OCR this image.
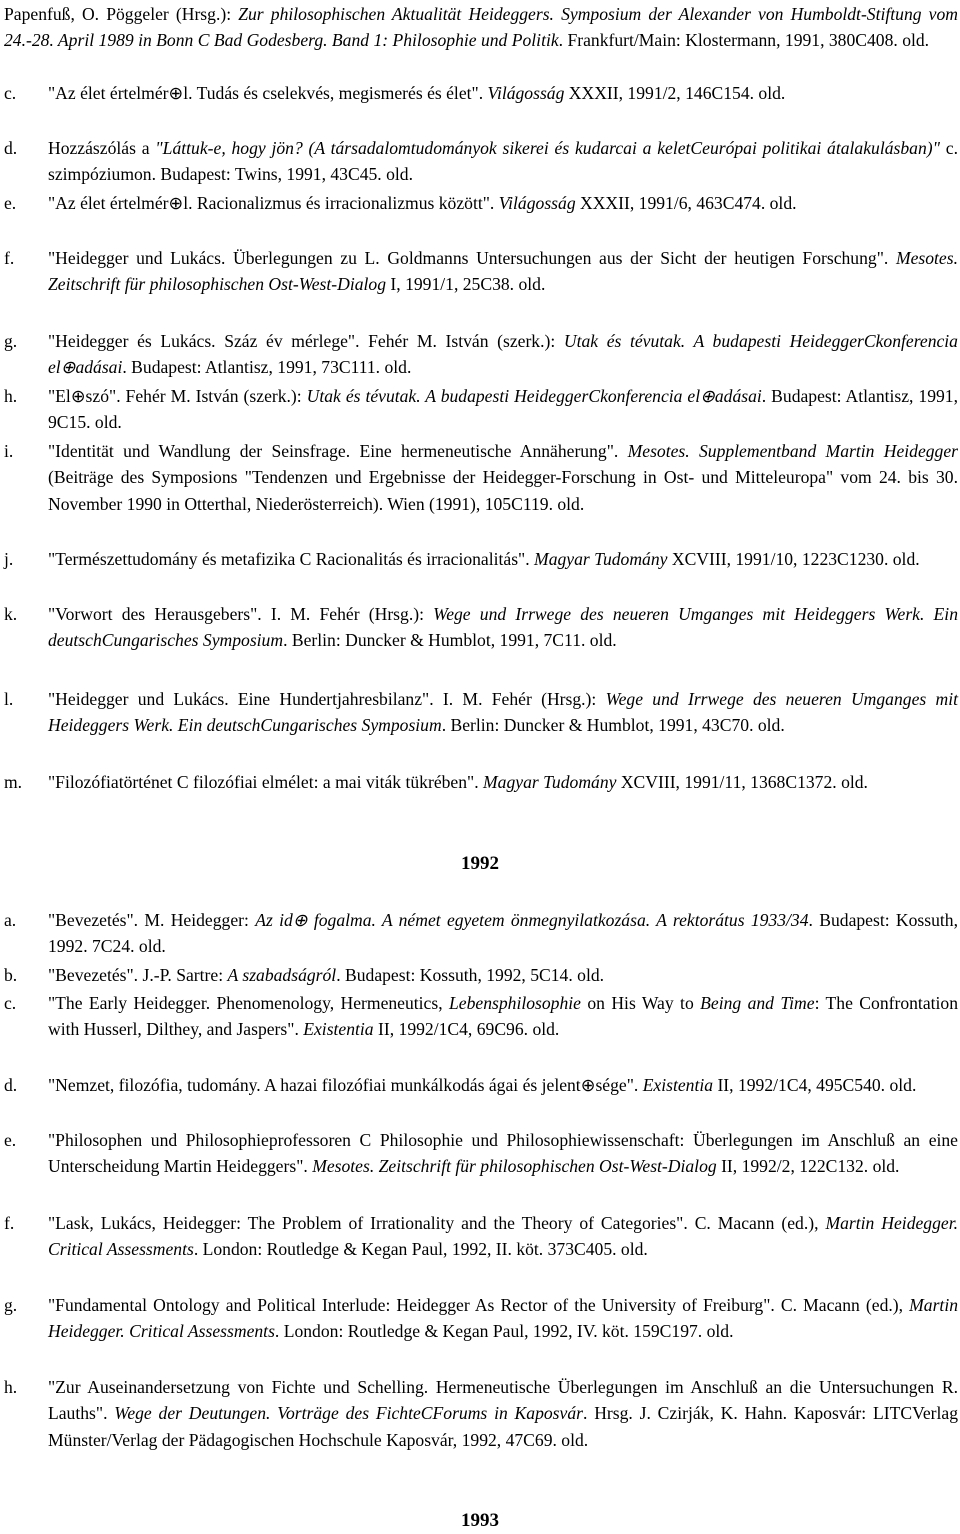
Papenfuß, O. Pöggeler (Hrsg.): Zur philosophischen Aktualität Heideggers. Symposium der Alexander von Humboldt-Stiftung vom 24.-28. April 1989 in Bonn C Bad Godesberg. Band 1: Philosophie und Politik. Frankfurt/Main: Klostermann, 1991, 380C408. old.
c. "Az élet értelmér⊕l. Tudás és cselekvés, megismerés és élet". Világosság XXXII, 1991/2, 146C154. old.
d. Hozzászólás a "Láttuk-e, hogy jön? (A társadalomtudományok sikerei és kudarcai a keletCeurópai politikai átalakulásban)" c. szimpóziumon. Budapest: Twins, 1991, 43C45. old.
e. "Az élet értelmér⊕l. Racionalizmus és irracionalizmus között". Világosság XXXII, 1991/6, 463C474. old.
f. "Heidegger und Lukács. Überlegungen zu L. Goldmanns Untersuchungen aus der Sicht der heutigen Forschung". Mesotes. Zeitschrift für philosophischen Ost-West-Dialog I, 1991/1, 25C38. old.
g. "Heidegger és Lukács. Száz év mérlege". Fehér M. István (szerk.): Utak és tévutak. A budapesti HeideggerCkonferencia el⊕adásai. Budapest: Atlantisz, 1991, 73C111. old.
h. "El⊕szó". Fehér M. István (szerk.): Utak és tévutak. A budapesti HeideggerCkonferencia el⊕adásai. Budapest: Atlantisz, 1991, 9C15. old.
i. "Identität und Wandlung der Seinsfrage. Eine hermeneutische Annäherung". Mesotes. Supplementband Martin Heidegger (Beiträge des Symposions "Tendenzen und Ergebnisse der Heidegger-Forschung in Ost- und Mitteleuropa" vom 24. bis 30. November 1990 in Otterthal, Niederösterreich). Wien (1991), 105C119. old.
j. "Természettudomány és metafizika C Racionalitás és irracionalitás". Magyar Tudomány XCVIII, 1991/10, 1223C1230. old.
k. "Vorwort des Herausgebers". I. M. Fehér (Hrsg.): Wege und Irrwege des neueren Umganges mit Heideggers Werk. Ein deutschCungarisches Symposium. Berlin: Duncker & Humblot, 1991, 7C11. old.
l. "Heidegger und Lukács. Eine Hundertjahresbilanz". I. M. Fehér (Hrsg.): Wege und Irrwege des neueren Umganges mit Heideggers Werk. Ein deutschCungarisches Symposium. Berlin: Duncker & Humblot, 1991, 43C70. old.
m. "Filozófiatörténet C filozófiai elmélet: a mai viták tükrében". Magyar Tudomány XCVIII, 1991/11, 1368C1372. old.
1992
a. "Bevezetés". M. Heidegger: Az id⊕ fogalma. A német egyetem önmegnyilatkozása. A rektorátus 1933/34. Budapest: Kossuth, 1992. 7C24. old.
b. "Bevezetés". J.-P. Sartre: A szabadságról. Budapest: Kossuth, 1992, 5C14. old.
c. "The Early Heidegger. Phenomenology, Hermeneutics, Lebensphilosophie on His Way to Being and Time: The Confrontation with Husserl, Dilthey, and Jaspers". Existentia II, 1992/1C4, 69C96. old.
d. "Nemzet, filozófia, tudomány. A hazai filozófiai munkálkodás ágai és jelent⊕sége". Existentia II, 1992/1C4, 495C540. old.
e. "Philosophen und Philosophieprofessoren C Philosophie und Philosophiewissenschaft: Überlegungen im Anschluß an eine Unterscheidung Martin Heideggers". Mesotes. Zeitschrift für philosophischen Ost-West-Dialog II, 1992/2, 122C132. old.
f. "Lask, Lukács, Heidegger: The Problem of Irrationality and the Theory of Categories". C. Macann (ed.), Martin Heidegger. Critical Assessments. London: Routledge & Kegan Paul, 1992, II. köt. 373C405. old.
g. "Fundamental Ontology and Political Interlude: Heidegger As Rector of the University of Freiburg". C. Macann (ed.), Martin Heidegger. Critical Assessments. London: Routledge & Kegan Paul, 1992, IV. köt. 159C197. old.
h. "Zur Auseinandersetzung von Fichte und Schelling. Hermeneutische Überlegungen im Anschluß an die Untersuchungen R. Lauths". Wege der Deutungen. Vorträge des FichteCForums in Kaposvár. Hrsg. J. Czirják, K. Hahn. Kaposvár: LITCVerlag Münster/Verlag der Pädagogischen Hochschule Kaposvár, 1992, 47C69. old.
1993
